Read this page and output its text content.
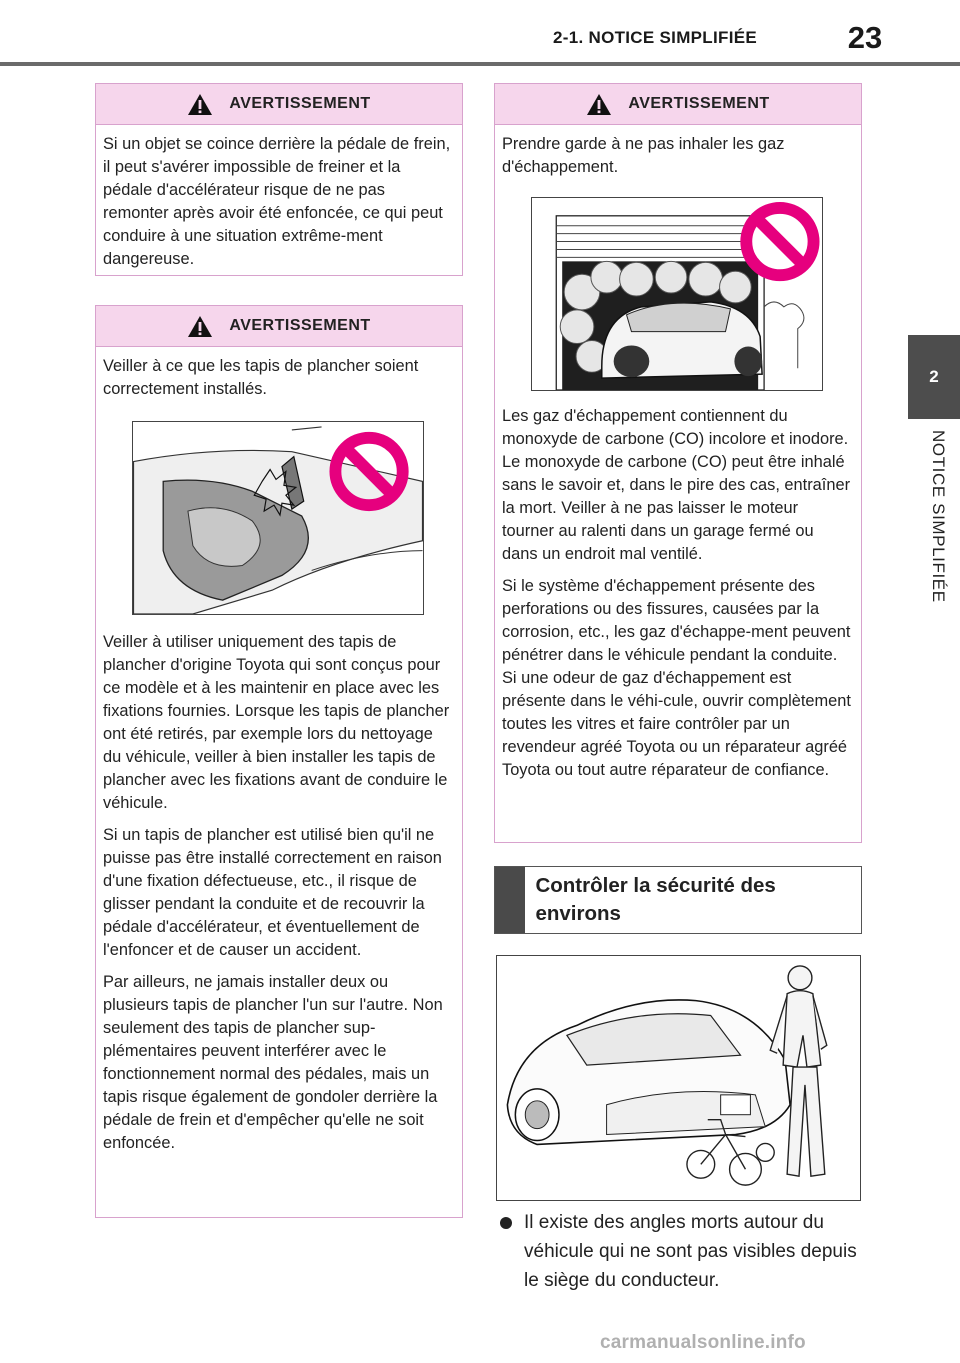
2-1. NOTICE SIMPLIFIÉE	23
2
NOTICE SIMPLIFIÉE
AVERTISSEMENT

Si un objet se coince derrière la pédale de frein, il peut s'avérer impossible de freiner et la pédale d'accélérateur risque de ne pas remonter après avoir été enfoncée, ce qui peut conduire à une situation extrême-ment dangereuse.

AVERTISSEMENT

Veiller à ce que les tapis de plancher soient correctement installés.

Veiller à utiliser uniquement des tapis de plancher d'origine Toyota qui sont conçus pour ce modèle et à les maintenir en place avec les fixations fournies. Lorsque les tapis de plancher ont été retirés, par exemple lors du nettoyage du véhicule, veiller à bien installer les tapis de plancher avec les fixations avant de conduire le véhicule.

Si un tapis de plancher est utilisé bien qu'il ne puisse pas être installé correctement en raison d'une fixation défectueuse, etc., il risque de glisser pendant la conduite et de recouvrir la pédale d'accélérateur, et éventuellement de l'enfoncer et de causer un accident.

Par ailleurs, ne jamais installer deux ou plusieurs tapis de plancher l'un sur l'autre. Non seulement des tapis de plancher sup-plémentaires peuvent interférer avec le fonctionnement normal des pédales, mais un tapis risque également de gondoler derrière la pédale de frein et d'empêcher qu'elle ne soit enfoncée.

AVERTISSEMENT

Prendre garde à ne pas inhaler les gaz d'échappement.

Les gaz d'échappement contiennent du monoxyde de carbone (CO) incolore et inodore. Le monoxyde de carbone (CO) peut être inhalé sans le savoir et, dans le pire des cas, entraîner la mort. Veiller à ne pas laisser le moteur tourner au ralenti dans un garage fermé ou dans un endroit mal ventilé.

Si le système d'échappement présente des perforations ou des fissures, causées par la corrosion, etc., les gaz d'échappe-ment peuvent pénétrer dans le véhicule pendant la conduite. Si une odeur de gaz d'échappement est présente dans le véhi-cule, ouvrir complètement toutes les vitres et faire contrôler par un revendeur agréé Toyota ou un réparateur agréé Toyota ou tout autre réparateur de confiance.

Contrôler la sécurité des environs
Il existe des angles morts autour du véhicule qui ne sont pas visibles depuis le siège du conducteur.
carmanualsonline.info
